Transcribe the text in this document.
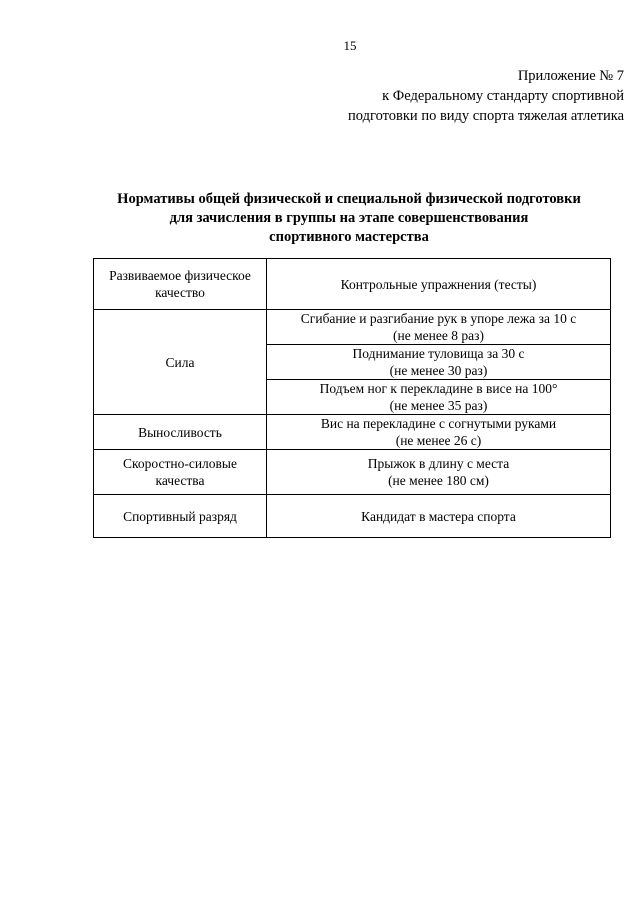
15
Приложение № 7
к Федеральному стандарту спортивной
подготовки по виду спорта тяжелая атлетика
Нормативы общей физической и специальной физической подготовки
для зачисления в группы на этапе совершенствования
спортивного мастерства
Развиваемое физическое
качество	Контрольные упражнения (тесты)
Сила	Сгибание и разгибание рук в упоре лежа за 10 с
(не менее 8 раз)

	Поднимание туловища за 30 с
(не менее 30 раз)

	Подъем ног к перекладине в висе на 100°
(не менее 35 раз)

Выносливость	Вис на перекладине с согнутыми руками
(не менее 26 с)

Скоростно-силовые
качества	Прыжок в длину с места
(не менее 180 см)

Спортивный разряд	Кандидат в мастера спорта
